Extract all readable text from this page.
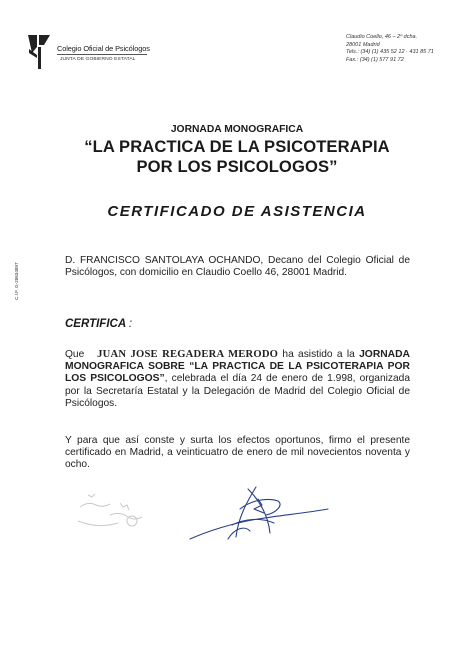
Colegio Oficial de Psicólogos
JUNTA DE GOBIERNO ESTATAL
Claudio Coello, 46 – 2º dcha.
28001 Madrid
Tels.: (34) (1) 435 52 12 · 431 85 71
Fax.: (34) (1) 577 91 72
C.I.F. G-28634897
JORNADA MONOGRAFICA
“LA PRACTICA DE LA PSICOTERAPIA
POR LOS PSICOLOGOS”
CERTIFICADO DE ASISTENCIA
D. FRANCISCO SANTOLAYA OCHANDO, Decano del Colegio Oficial de Psicólogos, con domicilio en Claudio Coello 46, 28001 Madrid.
CERTIFICA :
Que JUAN JOSE REGADERA MERODO ha asistido a la JORNADA MONOGRAFICA SOBRE “LA PRACTICA DE LA PSICOTERAPIA POR LOS PSICOLOGOS”, celebrada el día 24 de enero de 1.998, organizada por la Secretaría Estatal y la Delegación de Madrid del Colegio Oficial de Psicólogos.
Y para que así conste y surta los efectos oportunos, firmo el presente certificado en Madrid, a veinticuatro de enero de mil novecientos noventa y ocho.
